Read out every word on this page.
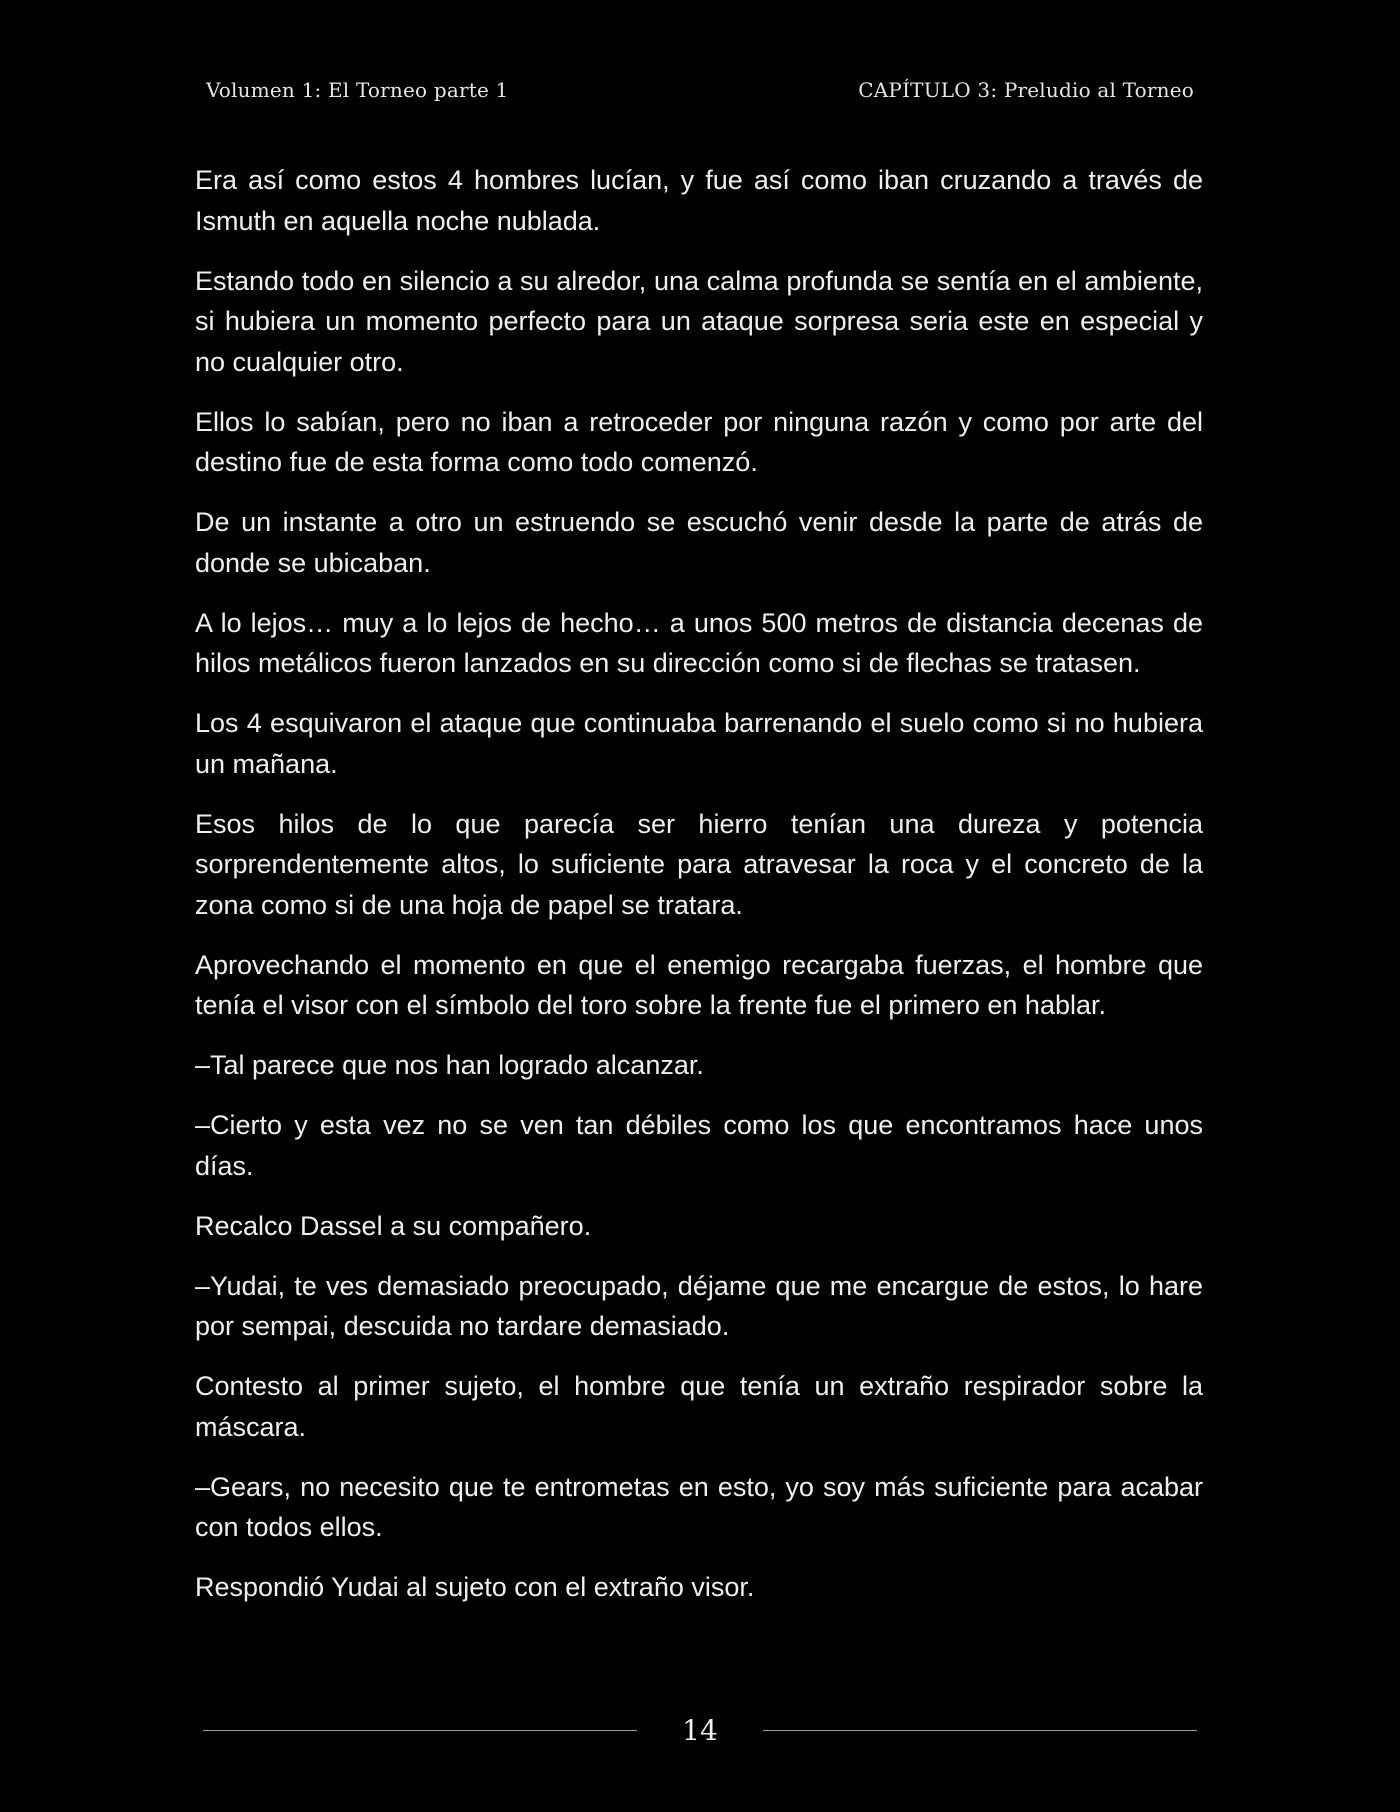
Volumen 1: El Torneo parte 1	CAPÍTULO 3: Preludio al Torneo

Era así como estos 4 hombres lucían, y fue así como iban cruzando a través de Ismuth en aquella noche nublada.

Estando todo en silencio a su alredor, una calma profunda se sentía en el ambiente, si hubiera un momento perfecto para un ataque sorpresa seria este en especial y no cualquier otro.

Ellos lo sabían, pero no iban a retroceder por ninguna razón y como por arte del destino fue de esta forma como todo comenzó.

De un instante a otro un estruendo se escuchó venir desde la parte de atrás de donde se ubicaban.

A lo lejos… muy a lo lejos de hecho… a unos 500 metros de distancia decenas de hilos metálicos fueron lanzados en su dirección como si de flechas se tratasen.

Los 4 esquivaron el ataque que continuaba barrenando el suelo como si no hubiera un mañana.

Esos hilos de lo que parecía ser hierro tenían una dureza y potencia sorprendentemente altos, lo suficiente para atravesar la roca y el concreto de la zona como si de una hoja de papel se tratara.

Aprovechando el momento en que el enemigo recargaba fuerzas, el hombre que tenía el visor con el símbolo del toro sobre la frente fue el primero en hablar.

–Tal parece que nos han logrado alcanzar.

–Cierto y esta vez no se ven tan débiles como los que encontramos hace unos días.

Recalco Dassel a su compañero.

–Yudai, te ves demasiado preocupado, déjame que me encargue de estos, lo hare por sempai, descuida no tardare demasiado.

Contesto al primer sujeto, el hombre que tenía un extraño respirador sobre la máscara.

–Gears, no necesito que te entrometas en esto, yo soy más suficiente para acabar con todos ellos.

Respondió Yudai al sujeto con el extraño visor.

14
